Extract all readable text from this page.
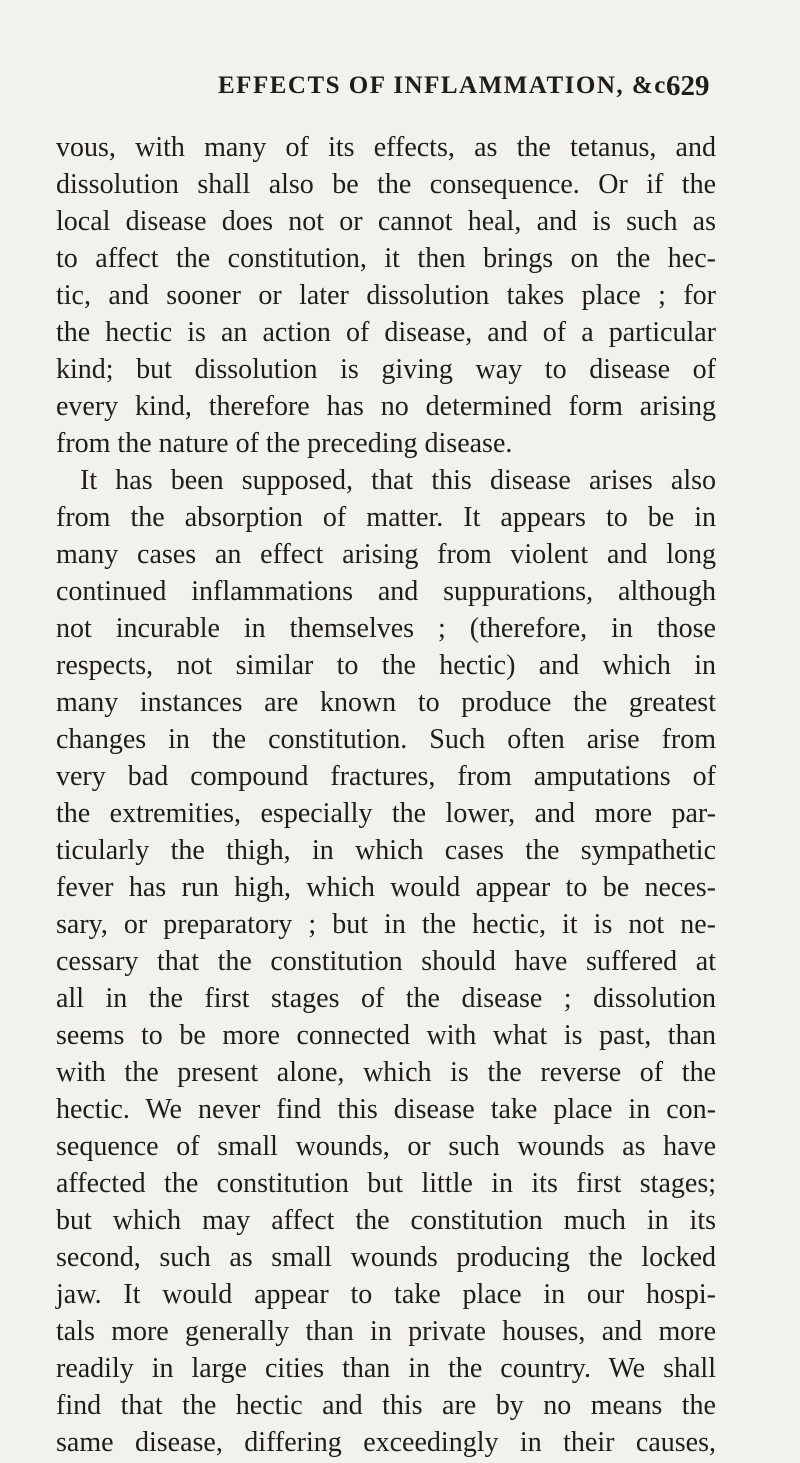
EFFECTS OF INFLAMMATION, &c.
629
vous, with many of its effects, as the tetanus, and
dissolution shall also be the consequence. Or if the
local disease does not or cannot heal, and is such as
to affect the constitution, it then brings on the hec-
tic, and sooner or later dissolution takes place ; for
the hectic is an action of disease, and of a particular
kind; but dissolution is giving way to disease of
every kind, therefore has no determined form arising
from the nature of the preceding disease.
It has been supposed, that this disease arises also
from the absorption of matter. It appears to be in
many cases an effect arising from violent and long
continued inflammations and suppurations, although
not incurable in themselves ; (therefore, in those
respects, not similar to the hectic) and which in
many instances are known to produce the greatest
changes in the constitution. Such often arise from
very bad compound fractures, from amputations of
the extremities, especially the lower, and more par-
ticularly the thigh, in which cases the sympathetic
fever has run high, which would appear to be neces-
sary, or preparatory ; but in the hectic, it is not ne-
cessary that the constitution should have suffered at
all in the first stages of the disease ; dissolution
seems to be more connected with what is past, than
with the present alone, which is the reverse of the
hectic. We never find this disease take place in con-
sequence of small wounds, or such wounds as have
affected the constitution but little in its first stages;
but which may affect the constitution much in its
second, such as small wounds producing the locked
jaw. It would appear to take place in our hospi-
tals more generally than in private houses, and more
readily in large cities than in the country. We shall
find that the hectic and this are by no means the
same disease, differing exceedingly in their causes,
